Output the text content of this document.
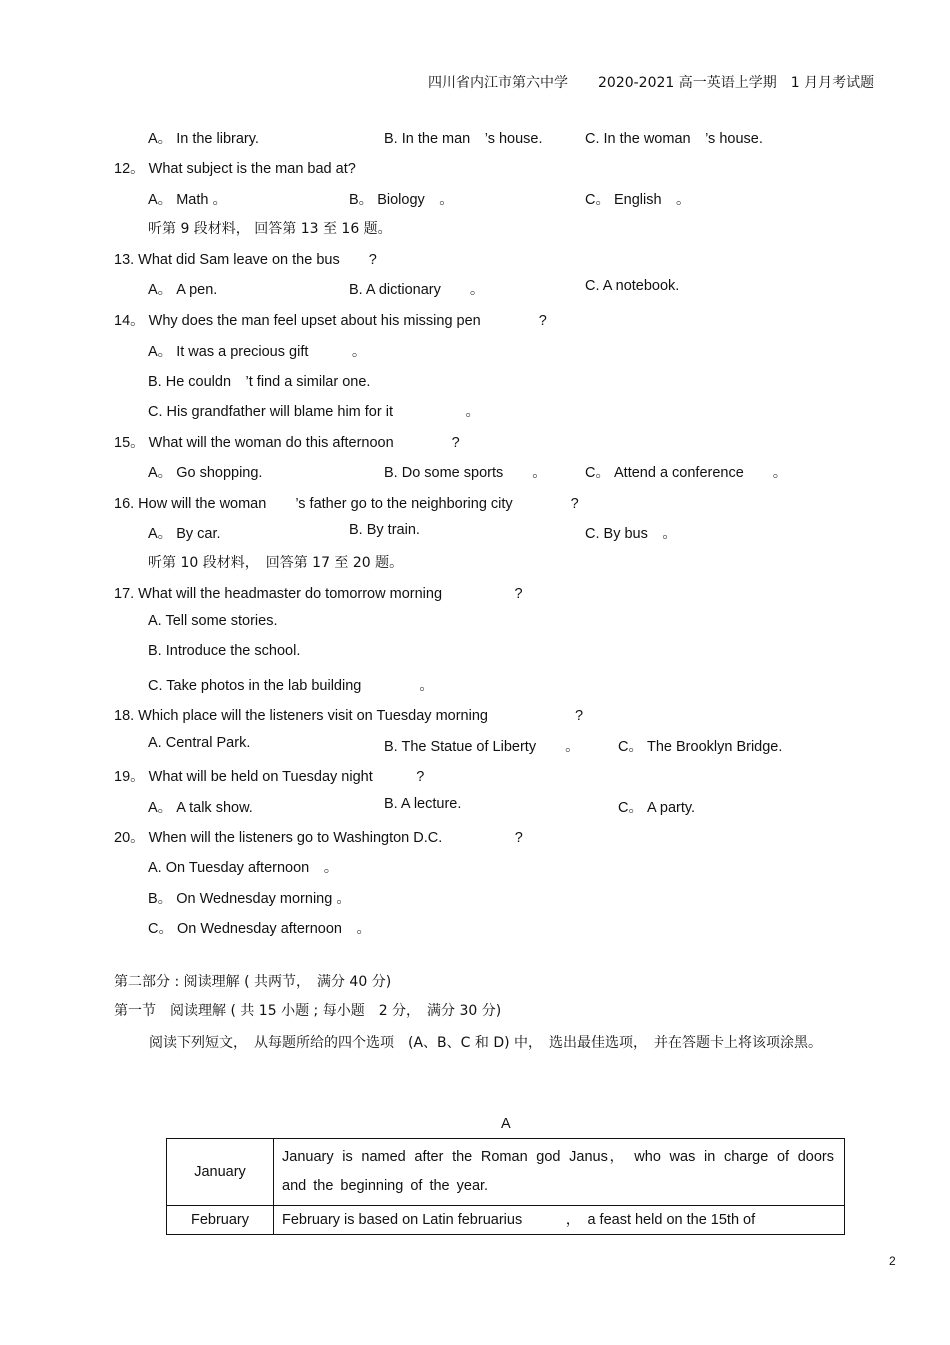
四川省内江市第六中学 2020-2021 高一英语上学期　1 月月考试题
A。 In the library.	B. In the man　’s house.	C. In the woman　’s house.
12。 What subject is the man bad at?
A。 Math 。	B。 Biology　。	C。 English　。
听第 9 段材料， 回答第 13 至 16 题。
13. What did Sam leave on the bus　　?
A。 A pen.	B. A dictionary　　。	C. A notebook.
14。 Why does the man feel upset about his missing pen　　　　?
A。 It was a precious gift　　　。
B. He couldn　’t find a similar one.
C. His grandfather will blame him for it　　　　　。
15。 What will the woman do this afternoon　　　　?
A。 Go shopping.	B. Do some sports　　。	C。 Attend a conference　　。
16. How will the woman　　’s father go to the neighboring city　　　　?
A。 By car.	B. By train.	C. By bus　。
听第 10 段材料，　回答第 17 至 20 题。
17. What will the headmaster do tomorrow morning　　　　　?
A. Tell some stories.
B. Introduce the school.
C. Take photos in the lab building　　　　。
18. Which place will the listeners visit on Tuesday morning　　　　　　?
A. Central Park.	B. The Statue of Liberty　　。	C。 The Brooklyn Bridge.
19。 What will be held on Tuesday night　　　?
A。 A talk show.	B. A lecture.	C。 A party.
20。 When will the listeners go to Washington D.C.　　　　　?
A. On Tuesday afternoon　。
B。 On Wednesday morning 。
C。 On Wednesday afternoon　。
第二部分 : 阅读理解 ( 共两节，　满分 40 分)
第一节　阅读理解 ( 共 15 小题 ; 每小题　2 分，　满分 30 分)
阅读下列短文，　从每题所给的四个选项　(A、B、C 和 D) 中，　选出最佳选项，　并在答题卡上将该项涂黑。
A
January	January is named after the Roman god Janus， who was in charge of doors and the beginning of the year.
February	February is based on Latin februarius　　　，　a feast held on the 15th of
2
